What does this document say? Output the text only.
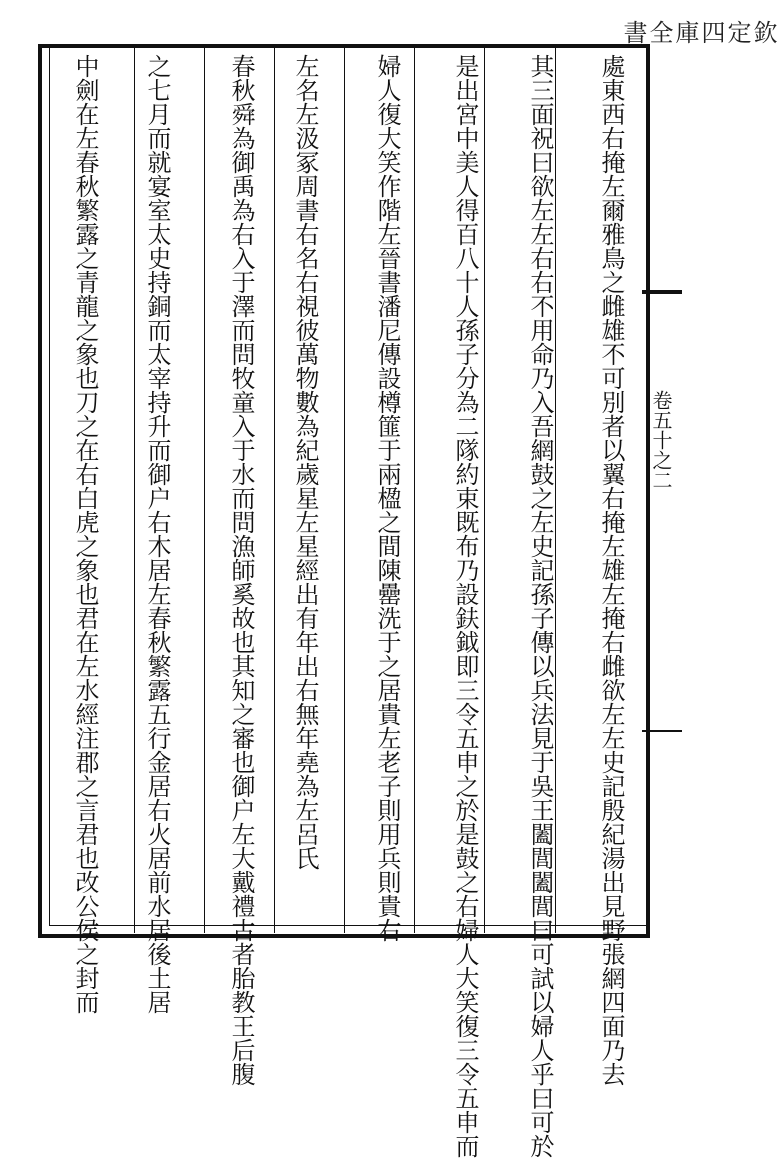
欽定四庫全書
處東西右掩左爾雅鳥之雌雄不可別者以翼右掩左雄左掩右雌欲左左史記殷紀湯出見野張網四面乃去
其三面祝曰欲左左右右不用命乃入吾網鼓之左史記孫子傳以兵法見于吳王闔閭闔閭曰可試以婦人乎曰可於
是出宮中美人得百八十人孫子分為二隊約束既布乃設鈇鉞即三令五申之於是鼓之右婦人大笑復三令五申而
婦人復大笑作階左晉書潘尼傳設樽篚于兩楹之間陳罍洗于之居貴左老子則用兵則貴右
左名左汲冢周書右名右視彼萬物數為紀歲星左星經出有年出右無年堯為左呂氏
春秋舜為御禹為右入于澤而問牧童入于水而問漁師奚故也其知之審也御户左大戴禮古者胎教王后腹
之七月而就宴室太史持銅而太宰持升而御户右木居左春秋繁露五行金居右火居前水居後土居
中劍在左春秋繁露之青龍之象也刀之在右白虎之象也君在左水經注郡之言君也改公侯之封而	卷五十之二
